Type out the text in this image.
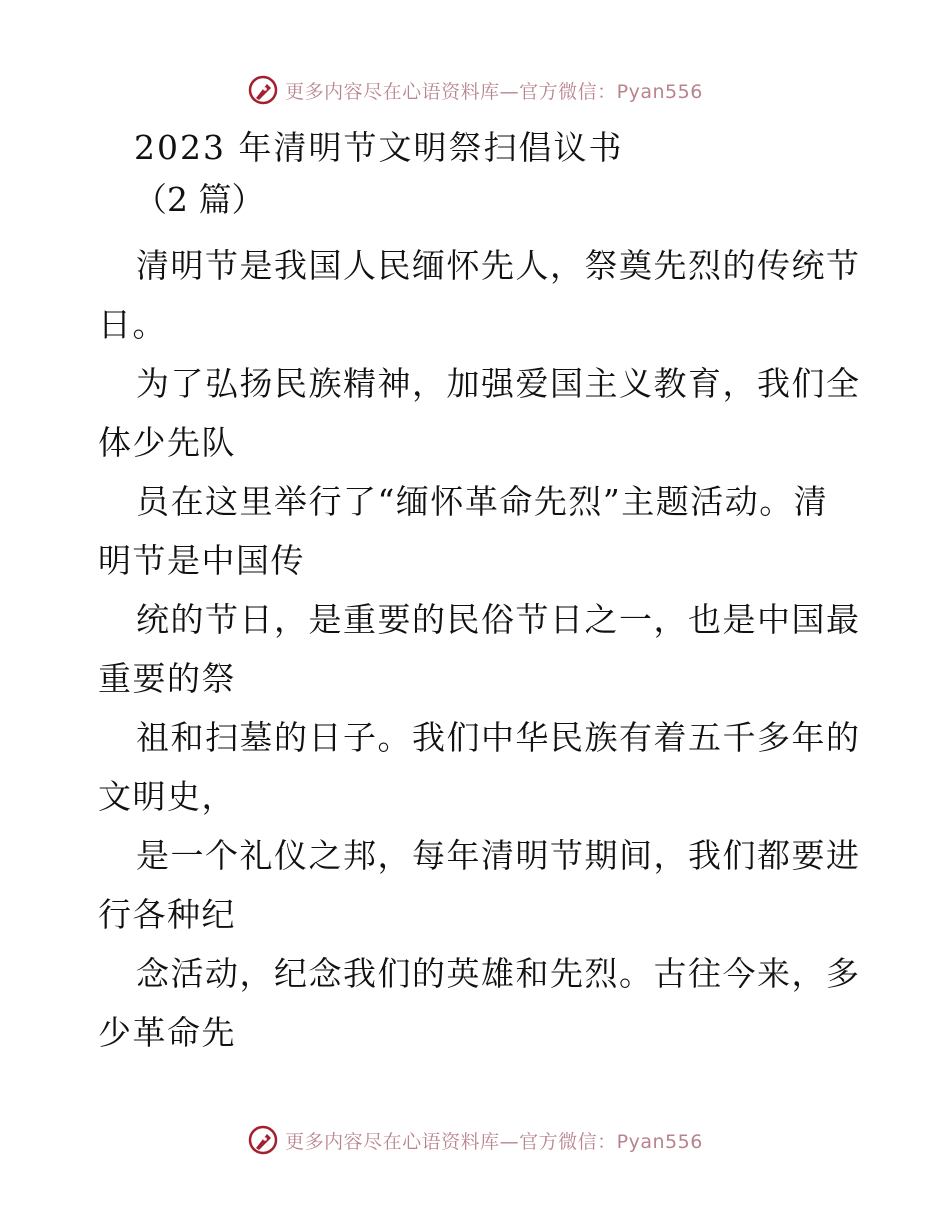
更多内容尽在心语资料库—官方微信：Pyan556
2023 年清明节文明祭扫倡议书
（2 篇）
清明节是我国人民缅怀先人，祭奠先烈的传统节
日。
为了弘扬民族精神，加强爱国主义教育，我们全
体少先队
员在这里举行了“缅怀革命先烈”主题活动。清
明节是中国传
统的节日，是重要的民俗节日之一，也是中国最
重要的祭
祖和扫墓的日子。我们中华民族有着五千多年的
文明史，
是一个礼仪之邦，每年清明节期间，我们都要进
行各种纪
念活动，纪念我们的英雄和先烈。古往今来，多
少革命先
更多内容尽在心语资料库—官方微信：Pyan556
